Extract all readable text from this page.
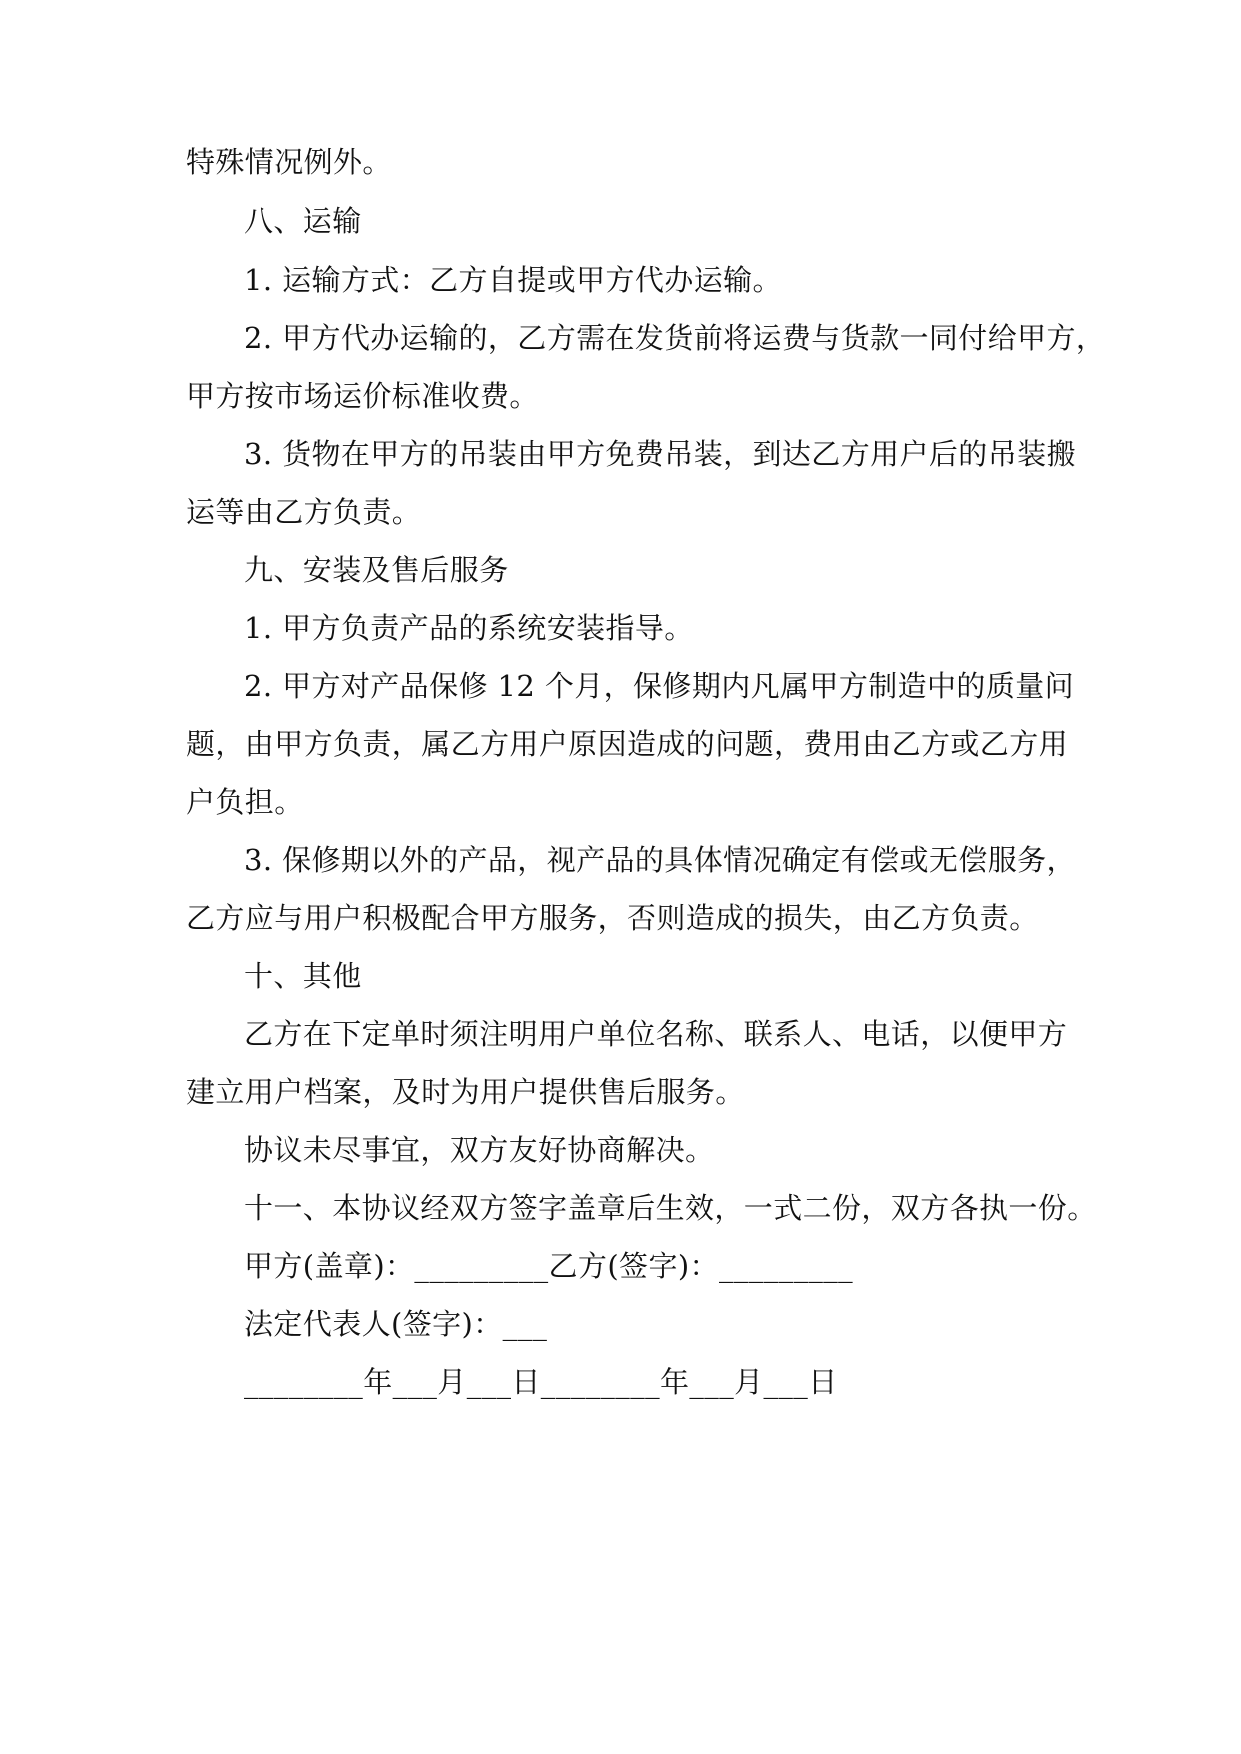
特殊情况例外。
八、运输
1. 运输方式：乙方自提或甲方代办运输。
2. 甲方代办运输的，乙方需在发货前将运费与货款一同付给甲方，
甲方按市场运价标准收费。
3. 货物在甲方的吊装由甲方免费吊装，到达乙方用户后的吊装搬
运等由乙方负责。
九、安装及售后服务
1. 甲方负责产品的系统安装指导。
2. 甲方对产品保修 12 个月，保修期内凡属甲方制造中的质量问
题，由甲方负责，属乙方用户原因造成的问题，费用由乙方或乙方用
户负担。
3. 保修期以外的产品，视产品的具体情况确定有偿或无偿服务，
乙方应与用户积极配合甲方服务，否则造成的损失，由乙方负责。
十、其他
乙方在下定单时须注明用户单位名称、联系人、电话，以便甲方
建立用户档案，及时为用户提供售后服务。
协议未尽事宜，双方友好协商解决。
十一、本协议经双方签字盖章后生效，一式二份，双方各执一份。
甲方(盖章)：_________乙方(签字)：_________
法定代表人(签字)：___
________年___月___日________年___月___日
